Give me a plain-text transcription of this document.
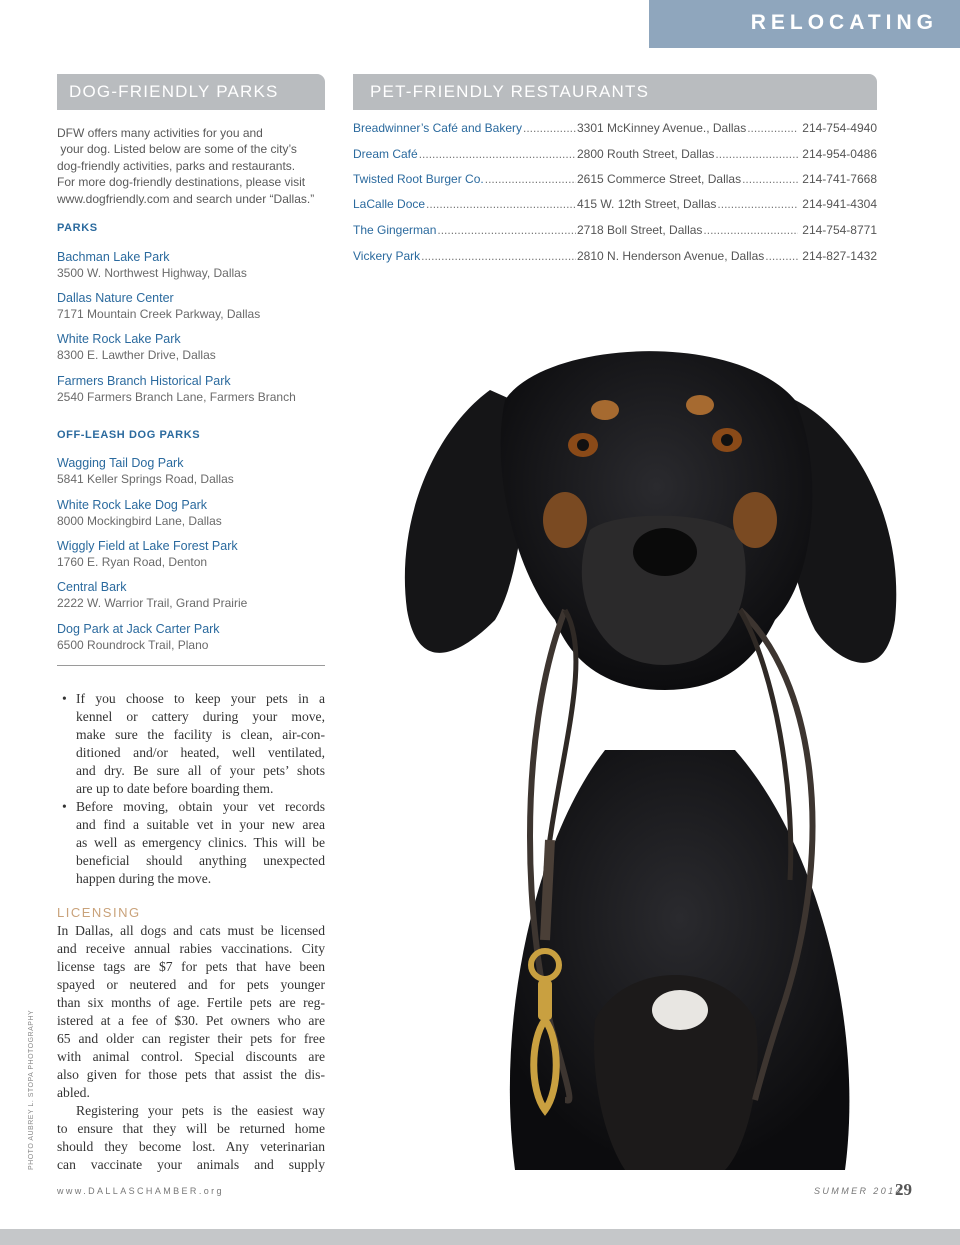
RELOCATING
DOG-FRIENDLY PARKS
DFW offers many activities for you and
your dog. Listed below are some of the city’s
dog-friendly activities, parks and restaurants.
For more dog-friendly destinations, please visit
www.dogfriendly.com and search under “Dallas.”
PARKS
Bachman Lake Park
3500 W. Northwest Highway, Dallas
Dallas Nature Center
7171 Mountain Creek Parkway, Dallas
White Rock Lake Park
8300 E. Lawther Drive, Dallas
Farmers Branch Historical Park
2540 Farmers Branch Lane, Farmers Branch
OFF-LEASH DOG PARKS
Wagging Tail Dog Park
5841 Keller Springs Road, Dallas
White Rock Lake Dog Park
8000 Mockingbird Lane, Dallas
Wiggly Field at Lake Forest Park
1760 E. Ryan Road, Denton
Central Bark
2222 W. Warrior Trail, Grand Prairie
Dog Park at Jack Carter Park
6500 Roundrock Trail, Plano
PET-FRIENDLY RESTAURANTS
Breadwinner’s Café and Bakery .....	3301 McKinney Avenue., Dallas .....	214-754-4940
Dream Café .....	2800 Routh Street, Dallas .....	214-954-0486
Twisted Root Burger Co. .....	2615 Commerce Street, Dallas .....	214-741-7668
LaCalle Doce .....	415 W. 12th Street, Dallas .....	214-941-4304
The Gingerman .....	2718 Boll Street, Dallas .....	214-754-8771
Vickery Park .....	2810 N. Henderson Avenue, Dallas .....	214-827-1432
• If you choose to keep your pets in a
kennel or cattery during your move,
make sure the facility is clean, air-con-
ditioned and/or heated, well ventilated,
and dry. Be sure all of your pets’ shots
are up to date before boarding them.
• Before moving, obtain your vet records
and find a suitable vet in your new area
as well as emergency clinics. This will be
beneficial should anything unexpected
happen during the move.
LICENSING
In Dallas, all dogs and cats must be licensed
and receive annual rabies vaccinations. City
license tags are $7 for pets that have been
spayed or neutered and for pets younger
than six months of age. Fertile pets are reg-
istered at a fee of $30. Pet owners who are
65 and older can register their pets for free
with animal control. Special discounts are
also given for those pets that assist the dis-
abled.
Registering your pets is the easiest way
to ensure that they will be returned home
should they become lost. Any veterinarian
can vaccinate your animals and supply
PHOTO AUBREY L. STOPA PHOTOGRAPHY
www.DALLASCHAMBER.org	SUMMER 2014
29
